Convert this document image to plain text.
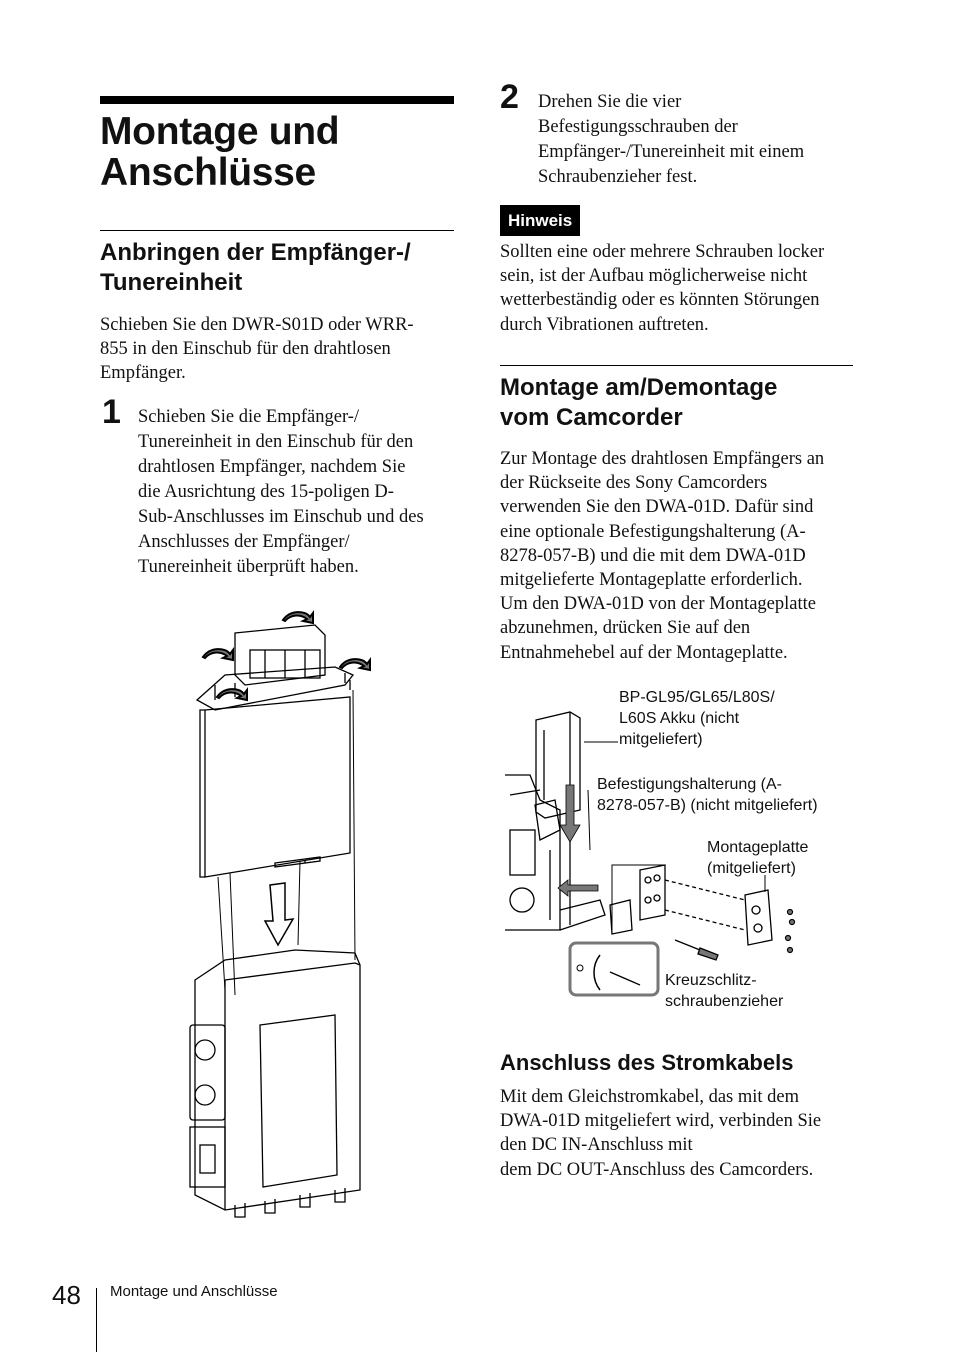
Montage und
Anschlüsse
Anbringen der Empfänger-/
Tunereinheit
Schieben Sie den DWR-S01D oder WRR-
855 in den Einschub für den drahtlosen
Empfänger.
1 Schieben Sie die Empfänger-/
Tunereinheit in den Einschub für den
drahtlosen Empfänger, nachdem Sie
die Ausrichtung des 15-poligen D-
Sub-Anschlusses im Einschub und des
Anschlusses der Empfänger/
Tunereinheit überprüft haben.
2 Drehen Sie die vier
Befestigungsschrauben der
Empfänger-/Tunereinheit mit einem
Schraubenzieher fest.
Hinweis
Sollten eine oder mehrere Schrauben locker
sein, ist der Aufbau möglicherweise nicht
wetterbeständig oder es könnten Störungen
durch Vibrationen auftreten.
Montage am/Demontage
vom Camcorder
Zur Montage des drahtlosen Empfängers an
der Rückseite des Sony Camcorders
verwenden Sie den DWA-01D. Dafür sind
eine optionale Befestigungshalterung (A-
8278-057-B) und die mit dem DWA-01D
mitgelieferte Montageplatte erforderlich.
Um den DWA-01D von der Montageplatte
abzunehmen, drücken Sie auf den
Entnahmehebel auf der Montageplatte.
BP-GL95/GL65/L80S/
L60S Akku (nicht
mitgeliefert)
Befestigungshalterung (A-
8278-057-B) (nicht mitgeliefert)
Montageplatte
(mitgeliefert)
Kreuzschlitz-
schraubenzieher
Anschluss des Stromkabels
Mit dem Gleichstromkabel, das mit dem
DWA-01D mitgeliefert wird, verbinden Sie
den DC IN-Anschluss mit
dem DC OUT-Anschluss des Camcorders.
48 Montage und Anschlüsse
